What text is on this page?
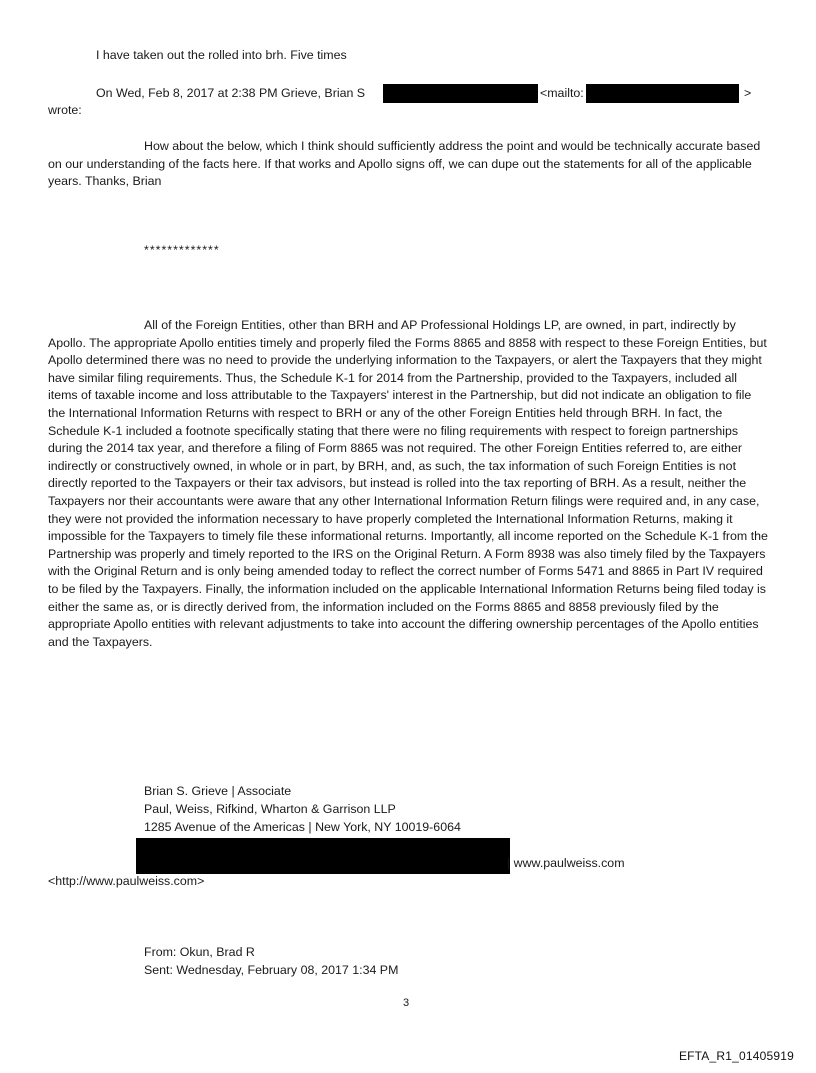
I have taken out the rolled into brh. Five times
On Wed, Feb 8, 2017 at 2:38 PM Grieve, Brian S	<mailto:	>
wrote:
How about the below, which I think should sufficiently address the point and would be technically accurate based on our understanding of the facts here. If that works and Apollo signs off, we can dupe out the statements for all of the applicable years. Thanks, Brian
*************
All of the Foreign Entities, other than BRH and AP Professional Holdings LP, are owned, in part, indirectly by Apollo. The appropriate Apollo entities timely and properly filed the Forms 8865 and 8858 with respect to these Foreign Entities, but Apollo determined there was no need to provide the underlying information to the Taxpayers, or alert the Taxpayers that they might have similar filing requirements. Thus, the Schedule K-1 for 2014 from the Partnership, provided to the Taxpayers, included all items of taxable income and loss attributable to the Taxpayers' interest in the Partnership, but did not indicate an obligation to file the International Information Returns with respect to BRH or any of the other Foreign Entities held through BRH. In fact, the Schedule K-1 included a footnote specifically stating that there were no filing requirements with respect to foreign partnerships during the 2014 tax year, and therefore a filing of Form 8865 was not required. The other Foreign Entities referred to, are either indirectly or constructively owned, in whole or in part, by BRH, and, as such, the tax information of such Foreign Entities is not directly reported to the Taxpayers or their tax advisors, but instead is rolled into the tax reporting of BRH. As a result, neither the Taxpayers nor their accountants were aware that any other International Information Return filings were required and, in any case, they were not provided the information necessary to have properly completed the International Information Returns, making it impossible for the Taxpayers to timely file these informational returns. Importantly, all income reported on the Schedule K-1 from the Partnership was properly and timely reported to the IRS on the Original Return. A Form 8938 was also timely filed by the Taxpayers with the Original Return and is only being amended today to reflect the correct number of Forms 5471 and 8865 in Part IV required to be filed by the Taxpayers. Finally, the information included on the applicable International Information Returns being filed today is either the same as, or is directly derived from, the information included on the Forms 8865 and 8858 previously filed by the appropriate Apollo entities with relevant adjustments to take into account the differing ownership percentages of the Apollo entities and the Taxpayers.
Brian S. Grieve | Associate
Paul, Weiss, Rifkind, Wharton & Garrison LLP
1285 Avenue of the Americas | New York, NY 10019-6064
| www.paulweiss.com
<http://www.paulweiss.com>
From: Okun, Brad R
Sent: Wednesday, February 08, 2017 1:34 PM
3
EFTA_R1_01405919
